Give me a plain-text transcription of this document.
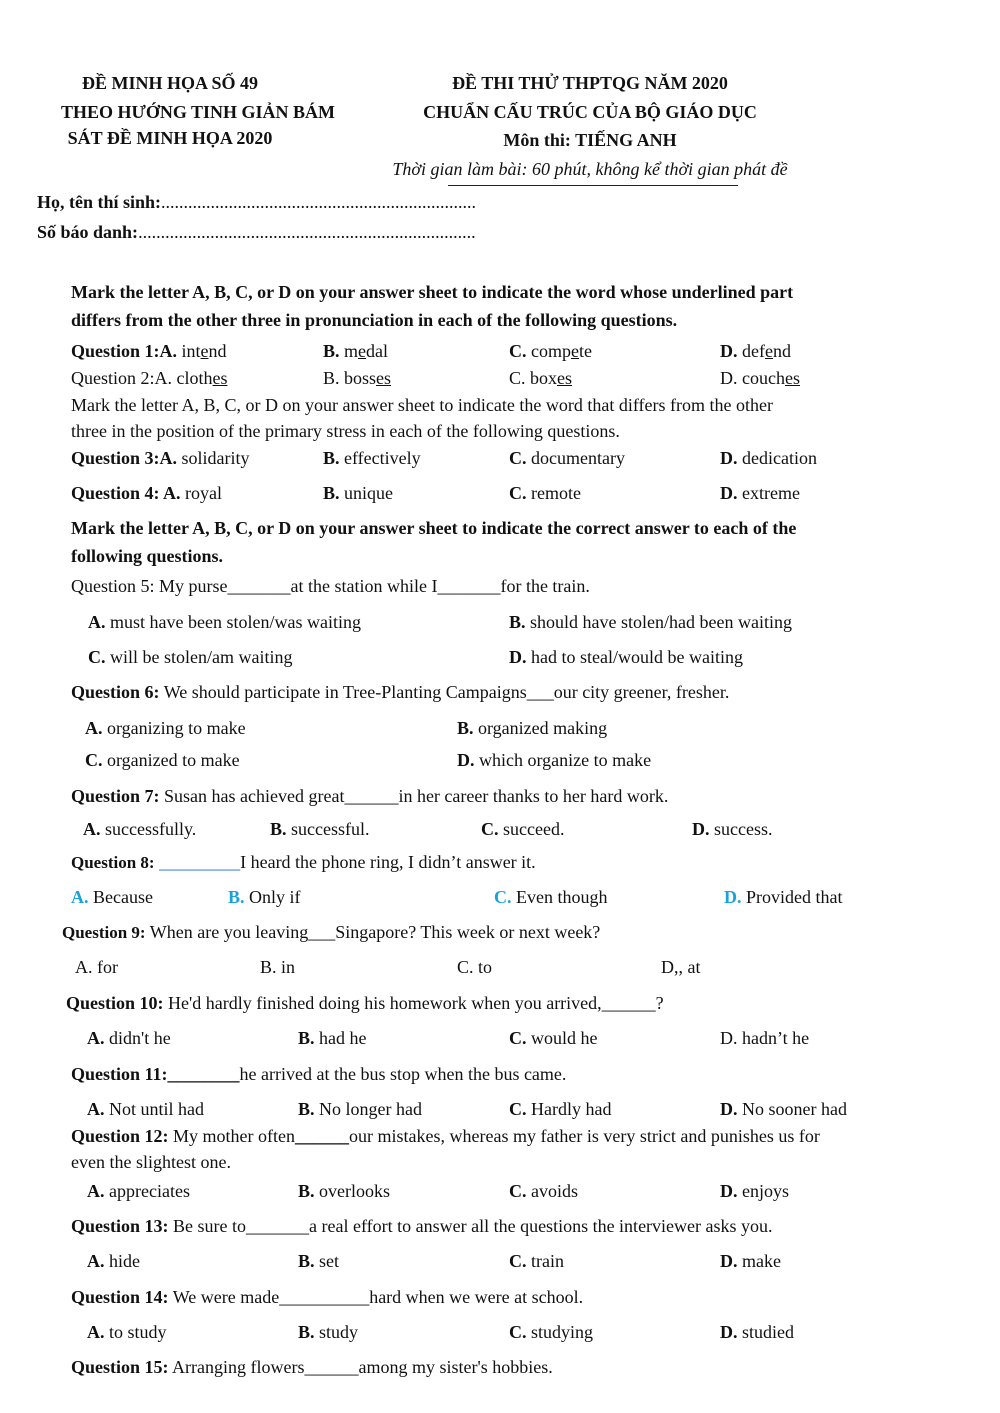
ĐỀ MINH HỌA SỐ 49
THEO HƯỚNG TINH GIẢN BÁM
SÁT ĐỀ MINH HỌA 2020
ĐỀ THI THỬ THPTQG NĂM 2020
CHUẨN CẤU TRÚC CỦA BỘ GIÁO DỤC
Môn thi: TIẾNG ANH
Thời gian làm bài: 60 phút, không kể thời gian phát đề
Họ, tên thí sinh:......................................................................
Số báo danh:...........................................................................
Mark the letter A, B, C, or D on your answer sheet to indicate the word whose underlined part
differs from the other three in pronunciation in each of the following questions.
Question 1:A. intend	B. medal	C. compete	D. defend
Question 2:A. clothes	B. bosses	C. boxes	D. couches
Mark the letter A, B, C, or D on your answer sheet to indicate the word that differs from the other
three in the position of the primary stress in each of the following questions.
Question 3:A. solidarity	B. effectively	C. documentary	D. dedication
Question 4: A. royal	B. unique	C. remote	D. extreme
Mark the letter A, B, C, or D on your answer sheet to indicate the correct answer to each of the
following questions.
Question 5: My purse_______at the station while I_______for the train.
A. must have been stolen/was waiting	B. should have stolen/had been waiting
C. will be stolen/am waiting	D. had to steal/would be waiting
Question 6: We should participate in Tree-Planting Campaigns___our city greener, fresher.
A. organizing to make	B. organized making
C. organized to make	D. which organize to make
Question 7: Susan has achieved great______in her career thanks to her hard work.
A. successfully.	B. successful.	C. succeed.	D. success.
Question 8: _________I heard the phone ring, I didn’t answer it.
A. Because	B. Only if	C. Even though	D. Provided that
Question 9: When are you leaving___Singapore? This week or next week?
A. for	B. in	C. to	D,, at
Question 10: He'd hardly finished doing his homework when you arrived,______?
A. didn't he	B. had he	C. would he	D. hadn’t he
Question 11:________he arrived at the bus stop when the bus came.
A. Not until had	B. No longer had	C. Hardly had	D. No sooner had
Question 12: My mother often______our mistakes, whereas my father is very strict and punishes us for
even the slightest one.
A. appreciates	B. overlooks	C. avoids	D. enjoys
Question 13: Be sure to_______a real effort to answer all the questions the interviewer asks you.
A. hide	B. set	C. train	D. make
Question 14: We were made__________hard when we were at school.
A. to study	B. study	C. studying	D. studied
Question 15: Arranging flowers______among my sister's hobbies.
